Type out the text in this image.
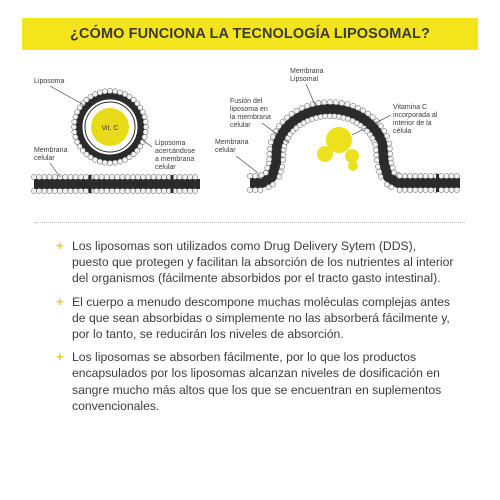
¿CÓMO FUNCIONA LA TECNOLOGÍA LIPOSOMAL?
Vit. C
Liposoma
Membrana celular
Liposoma acercándose a membrana celular
Membrana Lipsomal
Fusión del liposoma en la membrana celular
Membrana celular
Vitamina C incorporada al interior de la célula
+ Los liposomas son utilizados como Drug Delivery Sytem (DDS), puesto que protegen y facilitan la absorción de los nutrientes al interior del organismos (fácilmente absorbidos por el tracto gasto intestinal).
+ El cuerpo a menudo descompone muchas moléculas complejas antes de que sean absorbidas o simplemente no las absorberá fácilmente y, por lo tanto, se reducirán los niveles de absorción.
+ Los liposomas se absorben fácilmente, por lo que los productos encapsulados por los liposomas alcanzan niveles de dosificación en sangre mucho más altos que los que se encuentran en suplementos convencionales.
